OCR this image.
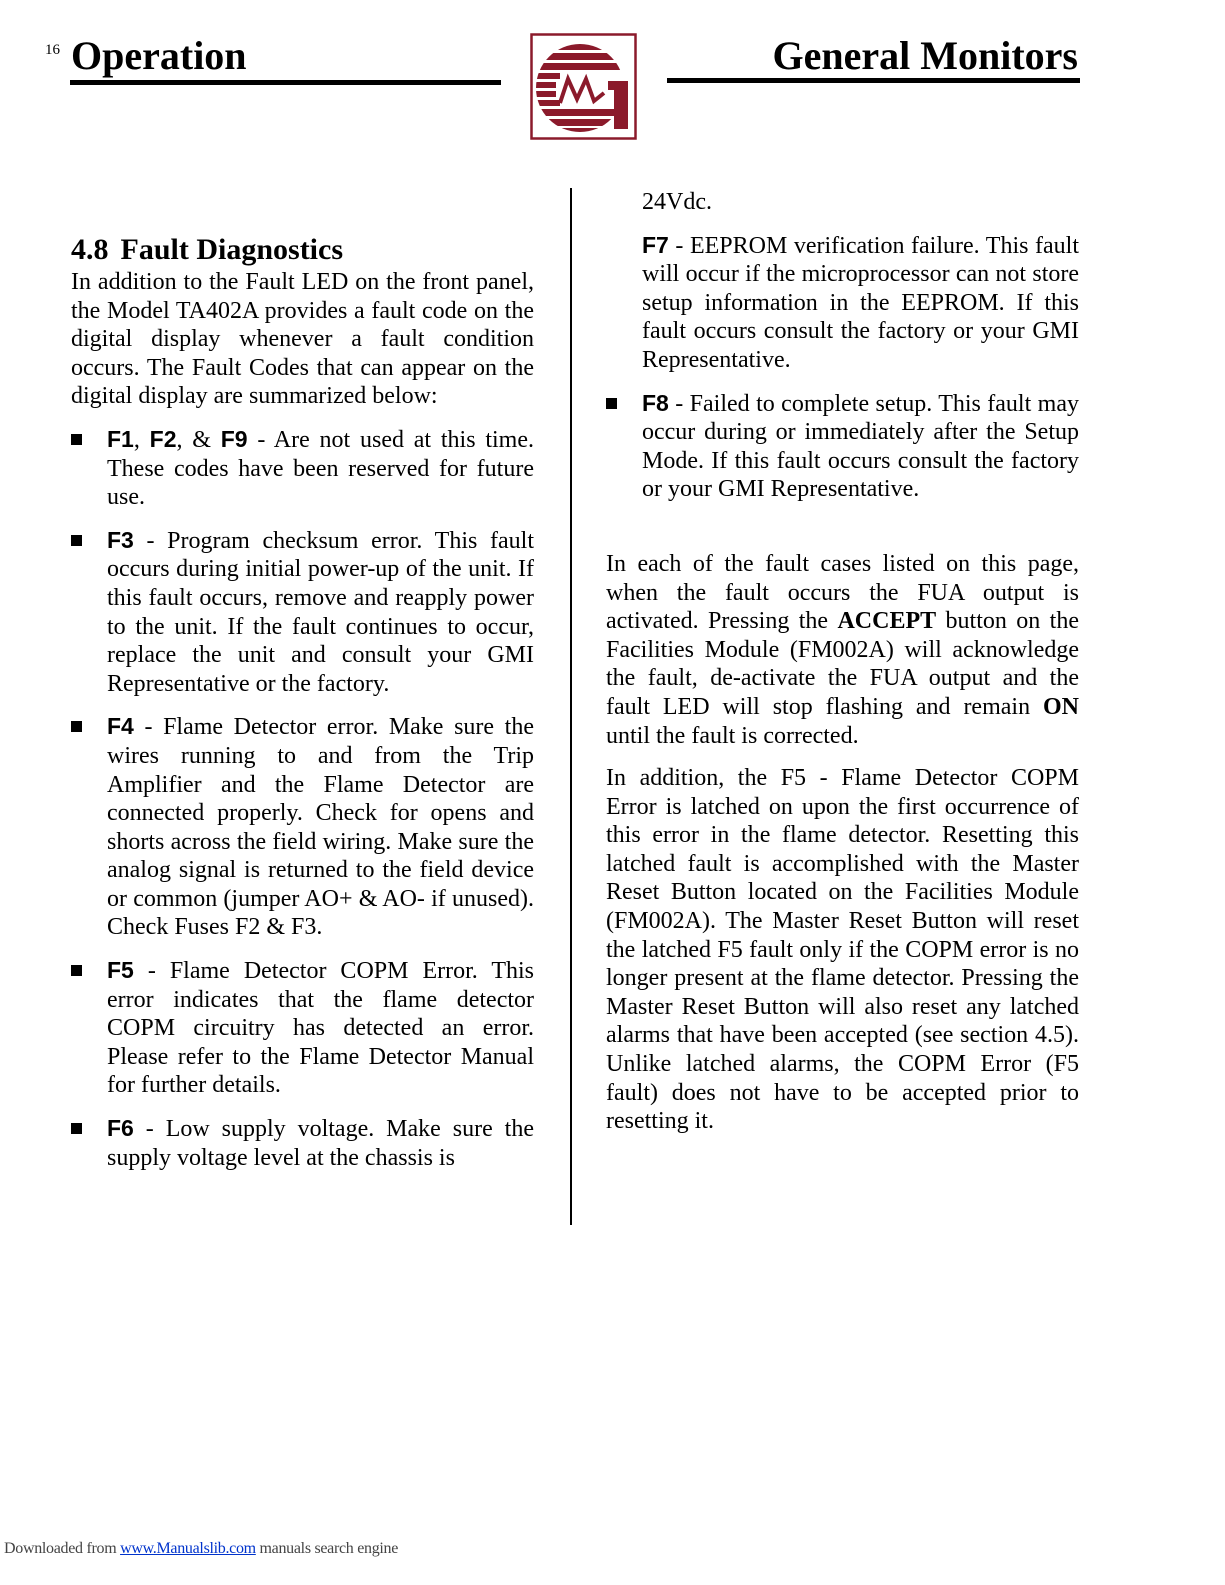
16 Operation	General Monitors
4.8 Fault Diagnostics

In addition to the Fault LED on the front panel, the Model TA402A provides a fault code on the digital display whenever a fault condition occurs. The Fault Codes that can appear on the digital display are summarized below:

F1, F2, & F9 - Are not used at this time. These codes have been reserved for future use.
F3 - Program checksum error. This fault occurs during initial power-up of the unit. If this fault occurs, remove and reapply power to the unit. If the fault continues to occur, replace the unit and consult your GMI Representative or the factory.
F4 - Flame Detector error. Make sure the wires running to and from the Trip Amplifier and the Flame Detector are connected properly. Check for opens and shorts across the field wiring. Make sure the analog signal is returned to the field device or common (jumper AO+ & AO- if unused). Check Fuses F2 & F3.
F5 - Flame Detector COPM Error. This error indicates that the flame detector COPM circuitry has detected an error. Please refer to the Flame Detector Manual for further details.
F6 - Low supply voltage. Make sure the supply voltage level at the chassis is

24Vdc.

F7 - EEPROM verification failure. This fault will occur if the microprocessor can not store setup information in the EEPROM. If this fault occurs consult the factory or your GMI Representative.
F8 - Failed to complete setup. This fault may occur during or immediately after the Setup Mode. If this fault occurs consult the factory or your GMI Representative.

In each of the fault cases listed on this page, when the fault occurs the FUA output is activated. Pressing the ACCEPT button on the Facilities Module (FM002A) will acknowledge the fault, de-activate the FUA output and the fault LED will stop flashing and remain ON until the fault is corrected.

In addition, the F5 - Flame Detector COPM Error is latched on upon the first occurrence of this error in the flame detector. Resetting this latched fault is accomplished with the Master Reset Button located on the Facilities Module (FM002A). The Master Reset Button will reset the latched F5 fault only if the COPM error is no longer present at the flame detector. Pressing the Master Reset Button will also reset any latched alarms that have been accepted (see section 4.5). Unlike latched alarms, the COPM Error (F5 fault) does not have to be accepted prior to resetting it.

Downloaded from www.Manualslib.com manuals search engine
